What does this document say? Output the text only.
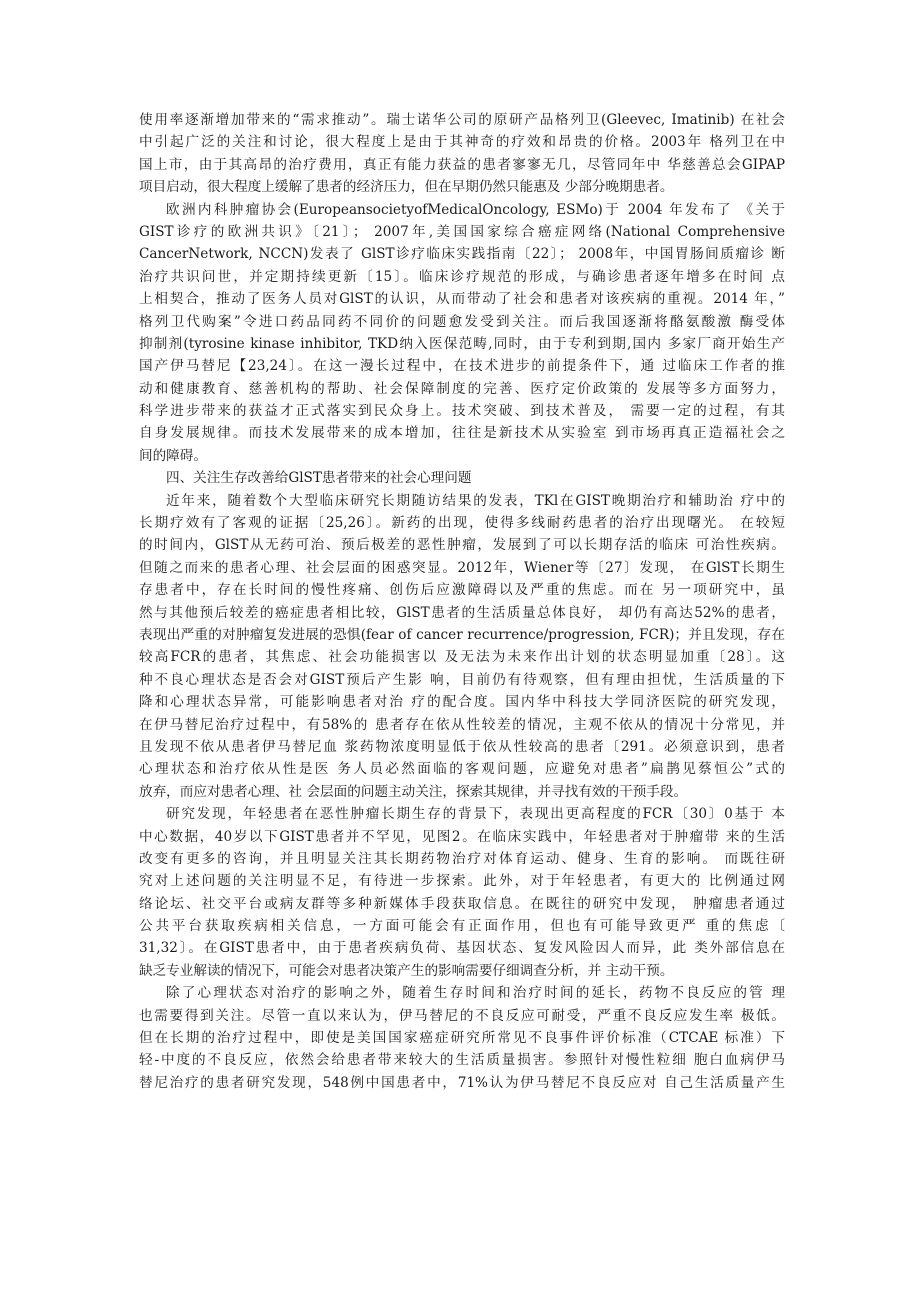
使用率逐渐增加带来的“需求推动”。瑞士诺华公司的原研产品格列卫(Gleevec, Imatinib) 在社会
中引起广泛的关注和讨论，很大程度上是由于其神奇的疗效和昂贵的价格。2003年 格列卫在中
国上市，由于其高昂的治疗费用，真正有能力获益的患者寥寥无几，尽管同年中 华慈善总会GIPAP
项目启动，很大程度上缓解了患者的经济压力，但在早期仍然只能惠及 少部分晚期患者。
欧洲内科肿瘤协会(EuropeansocietyofMedicalOncology, ESMo)于 2004 年发布了 《关于
GIST诊疗的欧洲共识》〔21〕； 2007年,美国国家综合癌症网络(National Comprehensive
CancerNetwork, NCCN)发表了 GlST诊疗临床实践指南〔22〕； 2008年，中国胃肠间质瘤诊 断
治疗共识问世，并定期持续更新〔15〕。临床诊疗规范的形成，与确诊患者逐年增多在时间 点
上相契合，推动了医务人员对GlST的认识，从而带动了社会和患者对该疾病的重视。2014 年，”
格列卫代购案”令进口药品同药不同价的问题愈发受到关注。而后我国逐渐将酪氨酸激 酶受体
抑制剂(tyrosine kinase inhibitor, TKD纳入医保范畴,同时，由于专利到期,国内 多家厂商开始生产
国产伊马替尼【23,24〕。在这一漫长过程中，在技术进步的前提条件下，通 过临床工作者的推
动和健康教育、慈善机构的帮助、社会保障制度的完善、医疗定价政策的 发展等多方面努力，
科学进步带来的获益才正式落实到民众身上。技术突破、到技术普及， 需要一定的过程，有其
自身发展规律。而技术发展带来的成本增加，往往是新技术从实验室 到市场再真正造福社会之
间的障碍。
四、关注生存改善给GlST患者带来的社会心理问题
近年来，随着数个大型临床研究长期随访结果的发表，TKl在GIST晚期治疗和辅助治 疗中的
长期疗效有了客观的证据〔25,26〕。新药的出现，使得多线耐药患者的治疗出现曙光。 在较短
的时间内，GlST从无药可治、预后极差的恶性肿瘤，发展到了可以长期存活的临床 可治性疾病。
但随之而来的患者心理、社会层面的困惑突显。2012年，Wiener等〔27〕发现， 在GlST长期生
存患者中，存在长时间的慢性疼痛、创伤后应激障碍以及严重的焦虑。而在 另一项研究中，虽
然与其他预后较差的癌症患者相比较，GlST患者的生活质量总体良好， 却仍有高达52%的患者，
表现出严重的对肿瘤复发进展的恐惧(fear of cancer recurrence/progression, FCR)；并且发现，存在
较高FCR的患者，其焦虑、社会功能损害以 及无法为未来作出计划的状态明显加重〔28〕。这
种不良心理状态是否会对GIST预后产生影 响，目前仍有待观察，但有理由担忧，生活质量的下
降和心理状态异常，可能影响患者对治 疗的配合度。国内华中科技大学同济医院的研究发现，
在伊马替尼治疗过程中，有58%的 患者存在依从性较差的情况，主观不依从的情况十分常见，并
且发现不依从患者伊马替尼血 浆药物浓度明显低于依从性较高的患者〔291。必须意识到，患者
心理状态和治疗依从性是医 务人员必然面临的客观问题，应避免对患者”扁鹊见蔡恒公”式的
放弃，而应对患者心理、社 会层面的问题主动关注，探索其规律，并寻找有效的干预手段。
研究发现，年轻患者在恶性肿瘤长期生存的背景下，表现出更高程度的FCR〔30〕0基于 本
中心数据，40岁以下GIST患者并不罕见，见图2。在临床实践中，年轻患者对于肿瘤带 来的生活
改变有更多的咨询，并且明显关注其长期药物治疗对体育运动、健身、生育的影响。 而既往研
究对上述问题的关注明显不足，有待进一步探索。此外，对于年轻患者，有更大的 比例通过网
络论坛、社交平台或病友群等多种新媒体手段获取信息。在既往的研究中发现， 肿瘤患者通过
公共平台获取疾病相关信息，一方面可能会有正面作用，但也有可能导致更严 重的焦虑〔
31,32〕。在GIST患者中，由于患者疾病负荷、基因状态、复发风险因人而异，此 类外部信息在
缺乏专业解读的情况下，可能会对患者决策产生的影响需要仔细调查分析，并 主动干预。
除了心理状态对治疗的影响之外，随着生存时间和治疗时间的延长，药物不良反应的管 理
也需要得到关注。尽管一直以来认为，伊马替尼的不良反应可耐受，严重不良反应发生率 极低。
但在长期的治疗过程中，即使是美国国家癌症研究所常见不良事件评价标准（CTCAE 标准）下
轻-中度的不良反应，依然会给患者带来较大的生活质量损害。参照针对慢性粒细 胞白血病伊马
替尼治疗的患者研究发现，548例中国患者中，71%认为伊马替尼不良反应对 自己生活质量产生
